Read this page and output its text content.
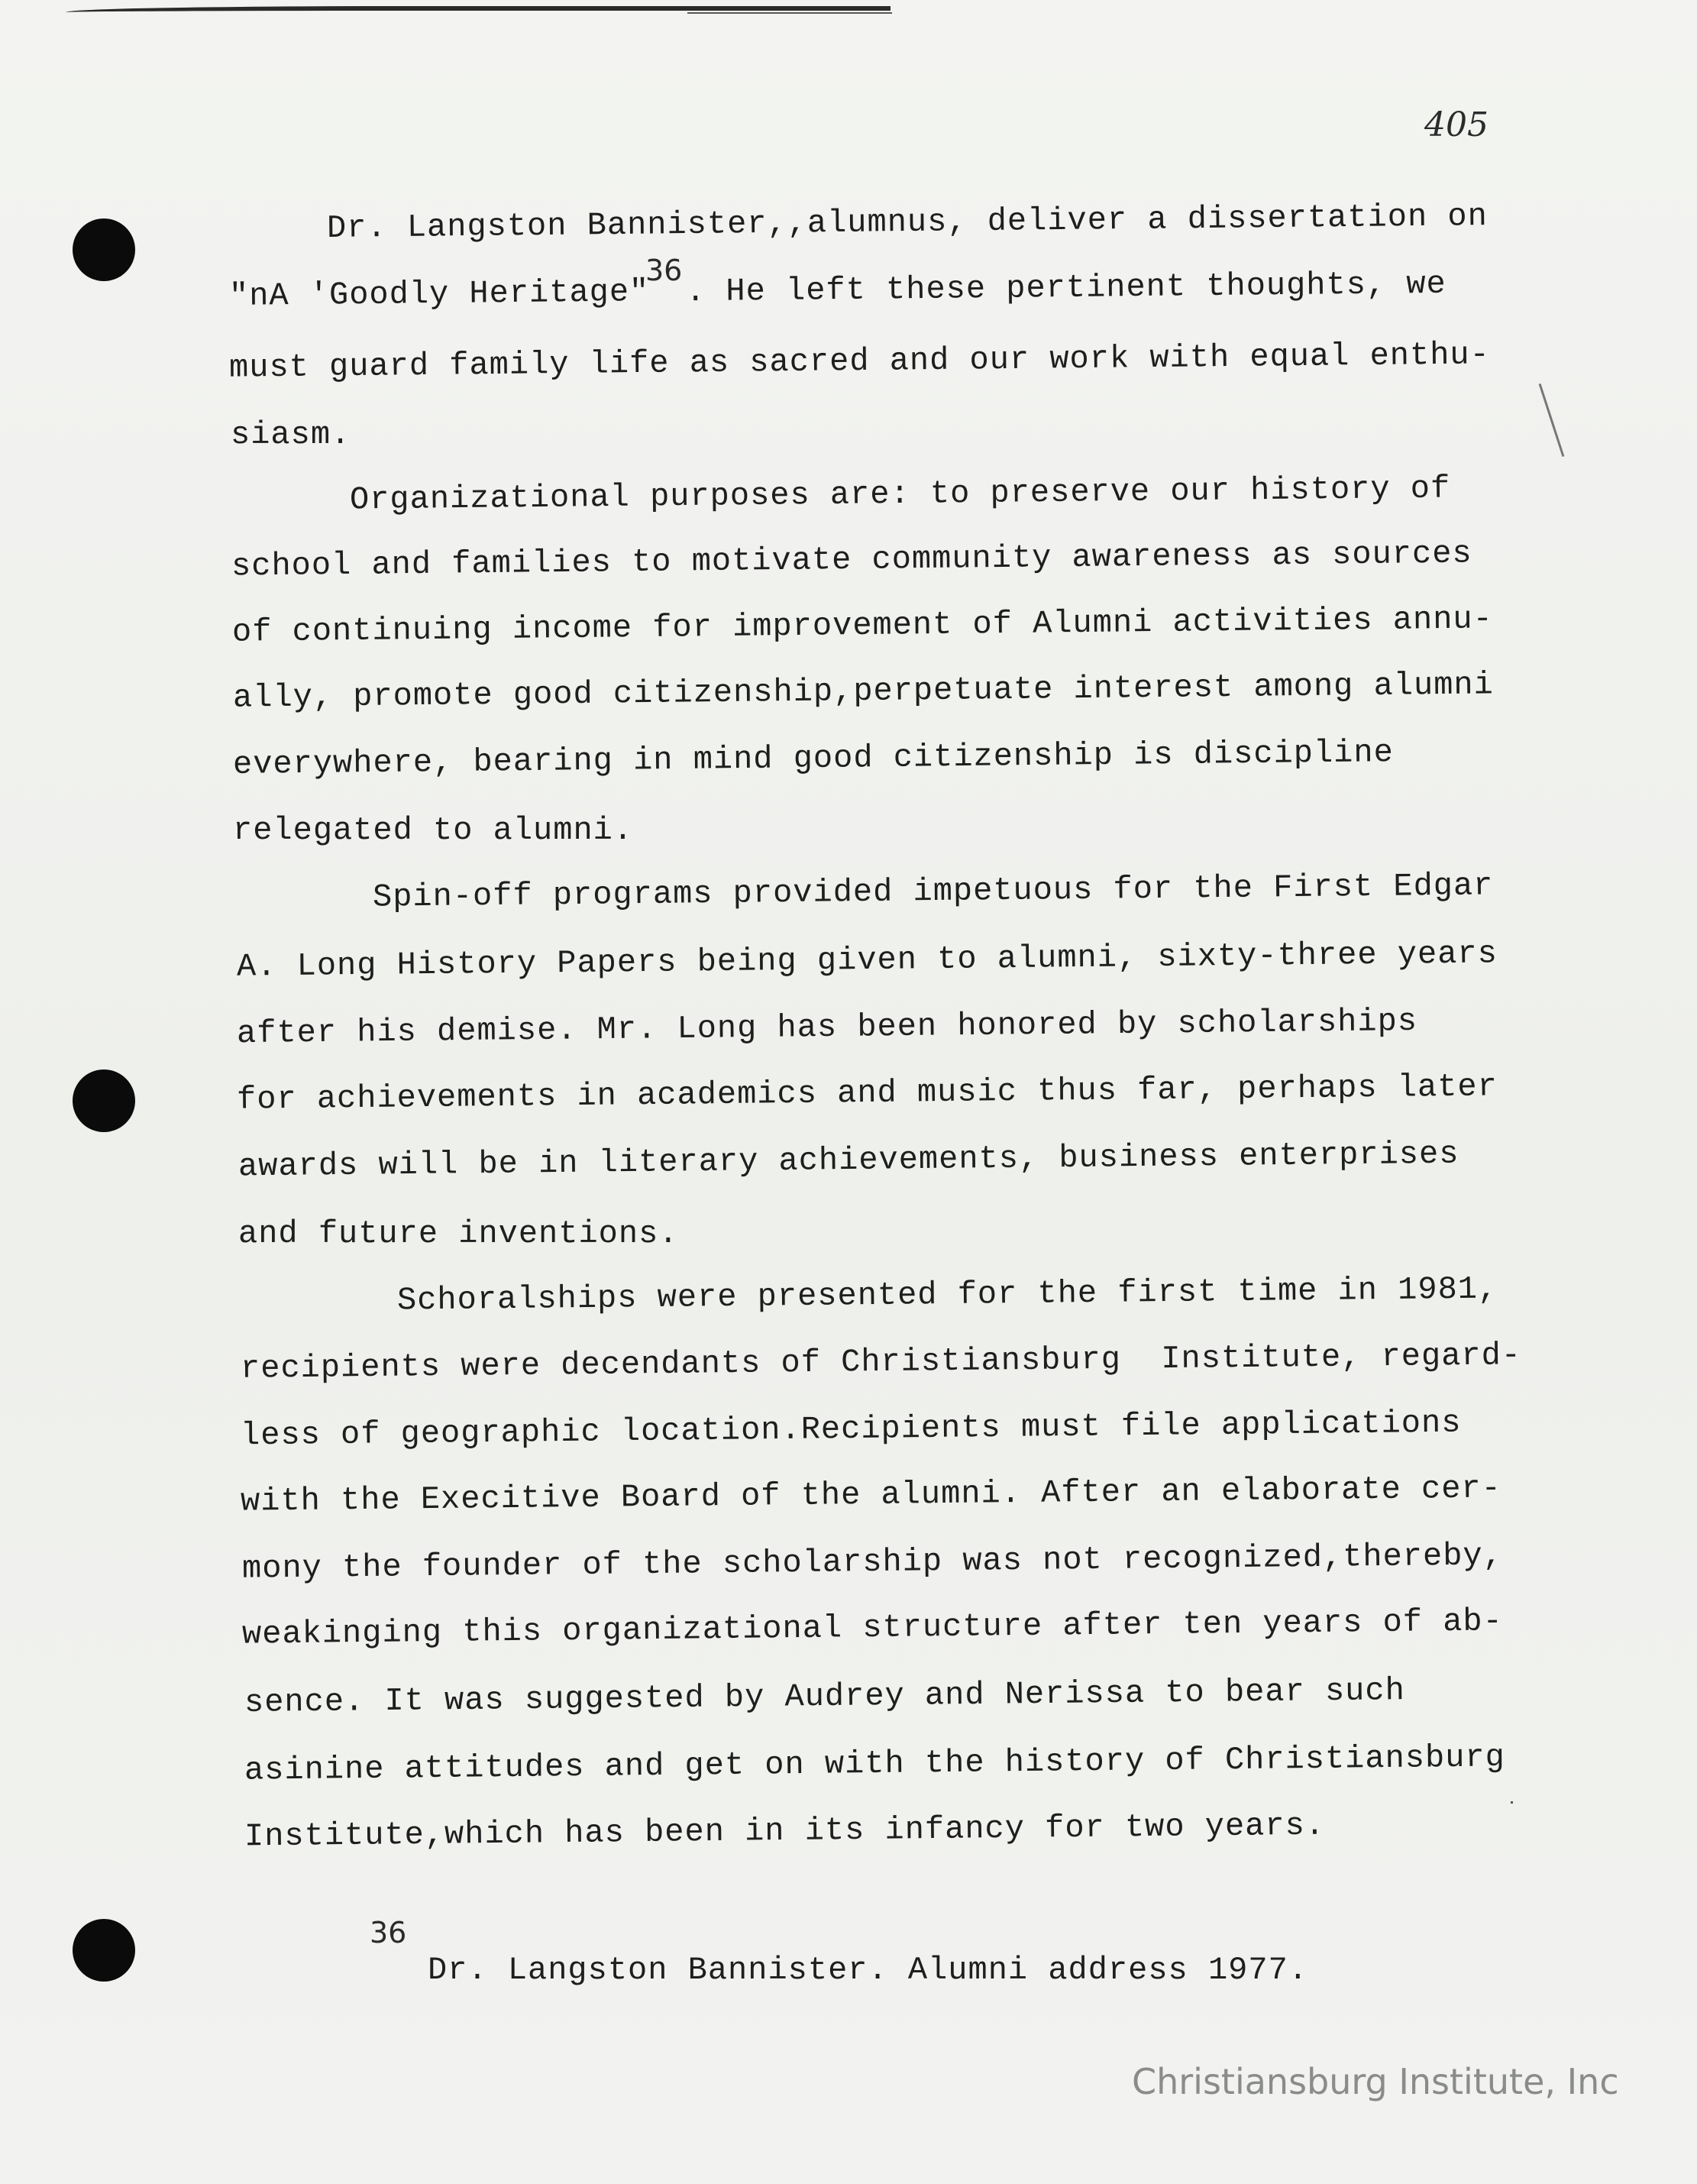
405
Dr. Langston Bannister,,alumnus, deliver a dissertation on
"nA 'Goodly Heritage"
36 . He left these pertinent thoughts, we
must guard family life as sacred and our work with equal enthu-
siasm.
Organizational purposes are: to preserve our history of
school and families to motivate community awareness as sources
of continuing income for improvement of Alumni activities annu-
ally, promote good citizenship,perpetuate interest among alumni
everywhere, bearing in mind good citizenship is discipline
relegated to alumni.
Spin-off programs provided impetuous for the First Edgar
A. Long History Papers being given to alumni, sixty-three years
after his demise. Mr. Long has been honored by scholarships
for achievements in academics and music thus far, perhaps later
awards will be in literary achievements, business enterprises
and future inventions.
Schoralships were presented for the first time in 1981,
recipients were decendants of Christiansburg  Institute, regard-
less of geographic location.Recipients must file applications
with the Execitive Board of the alumni. After an elaborate cer-
mony the founder of the scholarship was not recognized,thereby,
weakinging this organizational structure after ten years of ab-
sence. It was suggested by Audrey and Nerissa to bear such
asinine attitudes and get on with the history of Christiansburg
Institute,which has been in its infancy for two years.
36
Dr. Langston Bannister. Alumni address 1977.
Christiansburg Institute, Inc
